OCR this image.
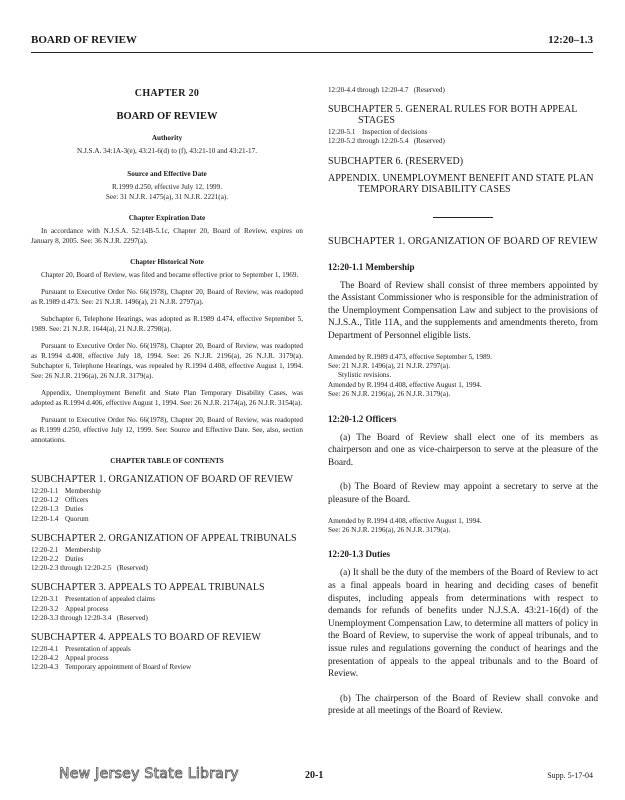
BOARD OF REVIEW	12:20–1.3
CHAPTER 20
BOARD OF REVIEW
Authority
N.J.S.A. 34:1A-3(e), 43:21-6(d) to (f), 43:21-10 and 43:21-17.
Source and Effective Date
R.1999 d.250, effective July 12, 1999.
See: 31 N.J.R. 1475(a), 31 N.J.R. 2221(a).
Chapter Expiration Date

In accordance with N.J.S.A. 52:14B-5.1c, Chapter 20, Board of Review, expires on January 8, 2005. See: 36 N.J.R. 2297(a).

Chapter Historical Note

Chapter 20, Board of Review, was filed and became effective prior to September 1, 1969.

Pursuant to Executive Order No. 66(1978), Chapter 20, Board of Review, was readopted as R.1989 d.473. See: 21 N.J.R. 1496(a), 21 N.J.R. 2797(a).

Subchapter 6, Telephone Hearings, was adopted as R.1989 d.474, effective September 5, 1989. See: 21 N.J.R. 1644(a), 21 N.J.R. 2798(a).

Pursuant to Executive Order No. 66(1978), Chapter 20, Board of Review, was readopted as R.1994 d.408, effective July 18, 1994. See: 26 N.J.R. 2196(a), 26 N.J.R. 3179(a). Subchapter 6, Telephone Hearings, was repealed by R.1994 d.408, effective August 1, 1994. See: 26 N.J.R. 2196(a), 26 N.J.R. 3179(a).

Appendix, Unemployment Benefit and State Plan Temporary Disability Cases, was adopted as R.1994 d.406, effective August 1, 1994. See: 26 N.J.R. 2174(a), 26 N.J.R. 3154(a).

Pursuant to Executive Order No. 66(1978), Chapter 20, Board of Review, was readopted as R.1999 d.250, effective July 12, 1999. See: Source and Effective Date. See, also, section annotations.

CHAPTER TABLE OF CONTENTS
SUBCHAPTER 1. ORGANIZATION OF BOARD OF REVIEW
12:20-1.1 Membership
12:20-1.2 Officers
12:20-1.3 Duties
12:20-1.4 Quorum
SUBCHAPTER 2. ORGANIZATION OF APPEAL TRIBUNALS
12:20-2.1 Membership
12:20-2.2 Duties
12:20-2.3 through 12:20-2.5 (Reserved)
SUBCHAPTER 3. APPEALS TO APPEAL TRIBUNALS
12:20-3.1 Presentation of appealed claims
12:20-3.2 Appeal process
12:20-3.3 through 12:20-3.4 (Reserved)
SUBCHAPTER 4. APPEALS TO BOARD OF REVIEW
12:20-4.1 Presentation of appeals
12:20-4.2 Appeal process
12:20-4.3 Temporary appointment of Board of Review
12:20-4.4 through 12:20-4.7 (Reserved)
SUBCHAPTER 5. GENERAL RULES FOR BOTH APPEAL STAGES
12:20-5.1 Inspection of decisions
12:20-5.2 through 12:20-5.4 (Reserved)
SUBCHAPTER 6. (RESERVED)
APPENDIX. UNEMPLOYMENT BENEFIT AND STATE PLAN TEMPORARY DISABILITY CASES
SUBCHAPTER 1. ORGANIZATION OF BOARD OF REVIEW
12:20-1.1 Membership

The Board of Review shall consist of three members appointed by the Assistant Commissioner who is responsible for the administration of the Unemployment Compensation Law and subject to the provisions of N.J.S.A., Title 11A, and the supplements and amendments thereto, from Department of Personnel eligible lists.

Amended by R.1989 d.473, effective September 5, 1989.
See: 21 N.J.R. 1496(a), 21 N.J.R. 2797(a).
Stylistic revisions.
Amended by R.1994 d.408, effective August 1, 1994.
See: 26 N.J.R. 2196(a), 26 N.J.R. 3179(a).
12:20-1.2 Officers

(a) The Board of Review shall elect one of its members as chairperson and one as vice-chairperson to serve at the pleasure of the Board.

(b) The Board of Review may appoint a secretary to serve at the pleasure of the Board.

Amended by R.1994 d.408, effective August 1, 1994.
See: 26 N.J.R. 2196(a), 26 N.J.R. 3179(a).
12:20-1.3 Duties

(a) It shall be the duty of the members of the Board of Review to act as a final appeals board in hearing and deciding cases of benefit disputes, including appeals from determinations with respect to demands for refunds of benefits under N.J.S.A. 43:21-16(d) of the Unemployment Compensation Law, to determine all matters of policy in the Board of Review, to supervise the work of appeal tribunals, and to issue rules and regulations governing the conduct of hearings and the presentation of appeals to the appeal tribunals and to the Board of Review.

(b) The chairperson of the Board of Review shall convoke and preside at all meetings of the Board of Review.

New Jersey State Library	20-1	Supp. 5-17-04
